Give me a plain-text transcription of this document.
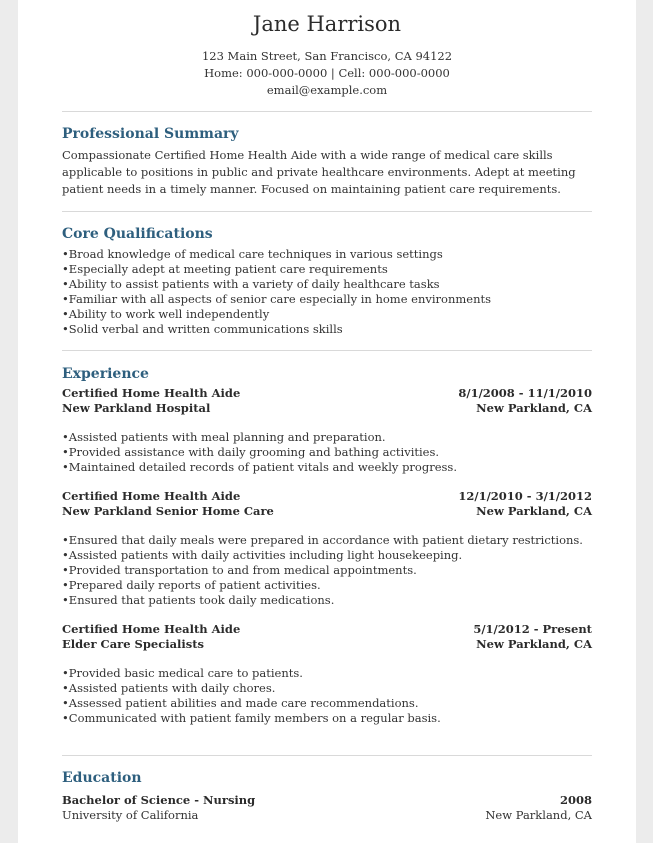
Jane Harrison
123 Main Street, San Francisco, CA 94122
Home: 000-000-0000 | Cell: 000-000-0000
email@example.com
Professional Summary

Compassionate Certified Home Health Aide with a wide range of medical care skills applicable to positions in public and private healthcare environments. Adept at meeting patient needs in a timely manner. Focused on maintaining patient care requirements.

Core Qualifications
• Broad knowledge of medical care techniques in various settings
• Especially adept at meeting patient care requirements
• Ability to assist patients with a variety of daily healthcare tasks
• Familiar with all aspects of senior care especially in home environments
• Ability to work well independently
• Solid verbal and written communications skills
Experience
Certified Home Health Aide	8/1/2008 - 11/1/2010
New Parkland Hospital	New Parkland, CA
• Assisted patients with meal planning and preparation.
• Provided assistance with daily grooming and bathing activities.
• Maintained detailed records of patient vitals and weekly progress.
Certified Home Health Aide	12/1/2010 - 3/1/2012
New Parkland Senior Home Care	New Parkland, CA
• Ensured that daily meals were prepared in accordance with patient dietary restrictions.
• Assisted patients with daily activities including light housekeeping.
• Provided transportation to and from medical appointments.
• Prepared daily reports of patient activities.
• Ensured that patients took daily medications.
Certified Home Health Aide	5/1/2012 - Present
Elder Care Specialists	New Parkland, CA
• Provided basic medical care to patients.
• Assisted patients with daily chores.
• Assessed patient abilities and made care recommendations.
• Communicated with patient family members on a regular basis.
Education
Bachelor of Science - Nursing	2008
University of California	New Parkland, CA
